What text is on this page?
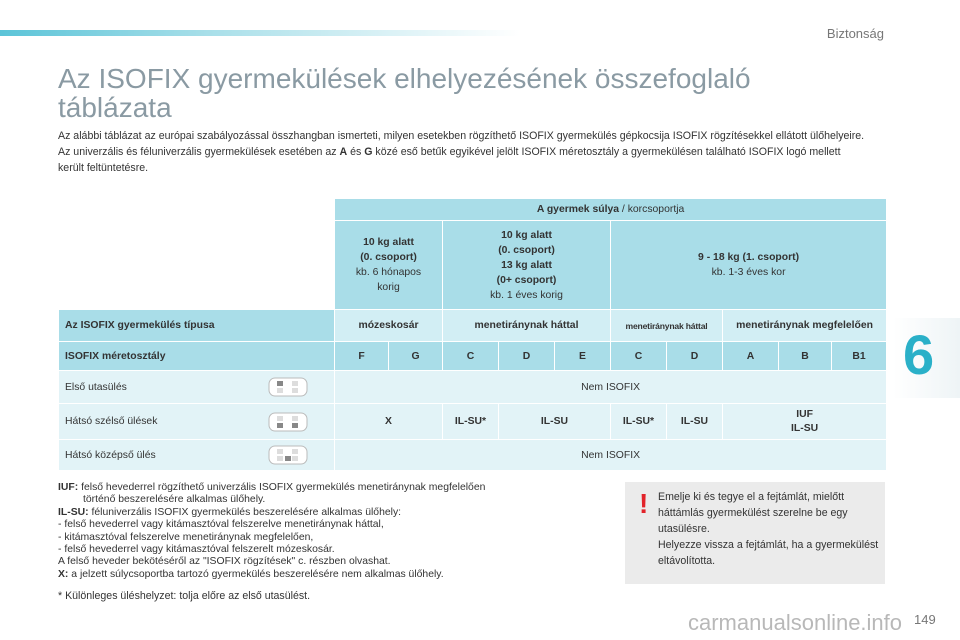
Biztonság
Az ISOFIX gyermekülések elhelyezésének összefoglaló táblázata

Az alábbi táblázat az európai szabályozással összhangban ismerteti, milyen esetekben rögzíthető ISOFIX gyermekülés gépkocsija ISOFIX rögzítésekkel ellátott ülőhelyeire.

Az univerzális és féluniverzális gyermekülések esetében az A és G közé eső betűk egyikével jelölt ISOFIX méretosztály a gyermekülésen található ISOFIX logó mellett került feltüntetésre.

6
	A gyermek súlya / korcsoportja									
	10 kg alatt
(0. csoport)
kb. 6 hónapos
korig		10 kg alatt
(0. csoport)
13 kg alatt
(0+ csoport)
kb. 1 éves korig			9 - 18 kg (1. csoport)
kb. 1-3 éves kor				
Az ISOFIX gyermekülés típusa	mózeskosár		menetiránynak háttal			menetiránynak háttal		menetiránynak megfelelően		
ISOFIX méretosztály	F	G	C	D	E	C	D	A	B	B1
Első utasülés	Nem ISOFIX									
Hátsó szélső ülések	X		IL-SU*	IL-SU		IL-SU*	IL-SU	IUF
IL-SU		
Hátsó középső ülés	Nem ISOFIX									

IUF: felső hevederrel rögzíthető univerzális ISOFIX gyermekülés menetiránynak megfelelően

történő beszerelésére alkalmas ülőhely.

IL-SU: féluniverzális ISOFIX gyermekülés beszerelésére alkalmas ülőhely:

- felső hevederrel vagy kitámasztóval felszerelve menetiránynak háttal,

- kitámasztóval felszerelve menetiránynak megfelelően,

- felső hevederrel vagy kitámasztóval felszerelt mózeskosár.

A felső heveder bekötéséről az "ISOFIX rögzítések" c. részben olvashat.

X: a jelzett súlycsoportba tartozó gyermekülés beszerelésére nem alkalmas ülőhely.

* Különleges üléshelyzet: tolja előre az első utasülést.
! Emelje ki és tegye el a fejtámlát, mielőtt háttámlás gyermekülést szerelne be egy utasülésre.

Helyezze vissza a fejtámlát, ha a gyermekülést eltávolította.

carmanualsonline.info 149
